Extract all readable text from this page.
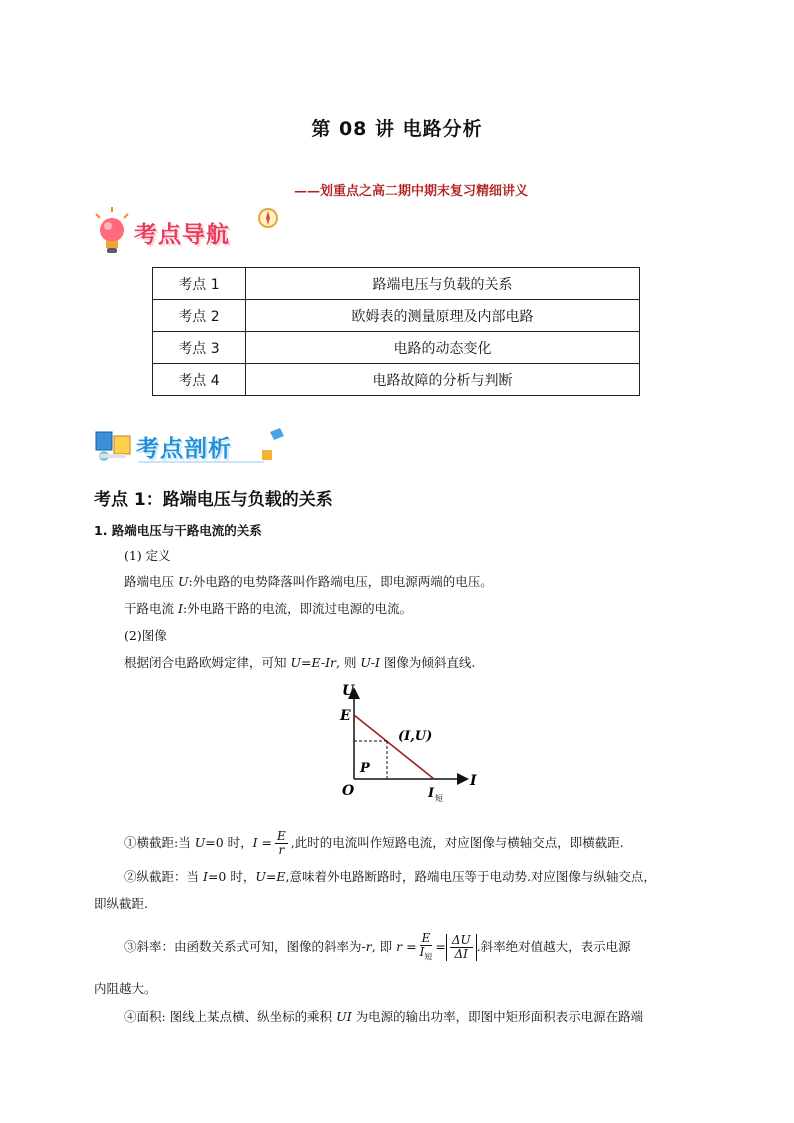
第 08 讲 电路分析
——划重点之高二期中期末复习精细讲义
考点导航
考点 1	路端电压与负载的关系
考点 2	欧姆表的测量原理及内部电路
考点 3	电路的动态变化
考点 4	电路故障的分析与判断
考点剖析
考点 1：路端电压与负载的关系
1. 路端电压与干路电流的关系
(1) 定义
路端电压 U:外电路的电势降落叫作路端电压，即电源两端的电压。
干路电流 I:外电路干路的电流，即流过电源的电流。
(2)图像
根据闭合电路欧姆定律，可知 U=E-Ir, 则 U-I 图像为倾斜直线.
U
E
(I,U)
P
O
I
I 短
①横截距:当 U=0 时，$I = \frac{E}{r}$ ,此时的电流叫作短路电流，对应图像与横轴交点，即横截距.
②纵截距：当 I=0 时，U=E,意味着外电路断路时，路端电压等于电动势.对应图像与纵轴交点，
即纵截距.
③斜率：由函数关系式可知，图像的斜率为-r, 即 $r = \frac{E}{I_短} = \frac{\Delta U}{\Delta I}$ .斜率绝对值越大，表示电源
内阻越大。
④面积: 图线上某点横、纵坐标的乘积 UI 为电源的输出功率，即图中矩形面积表示电源在路端
